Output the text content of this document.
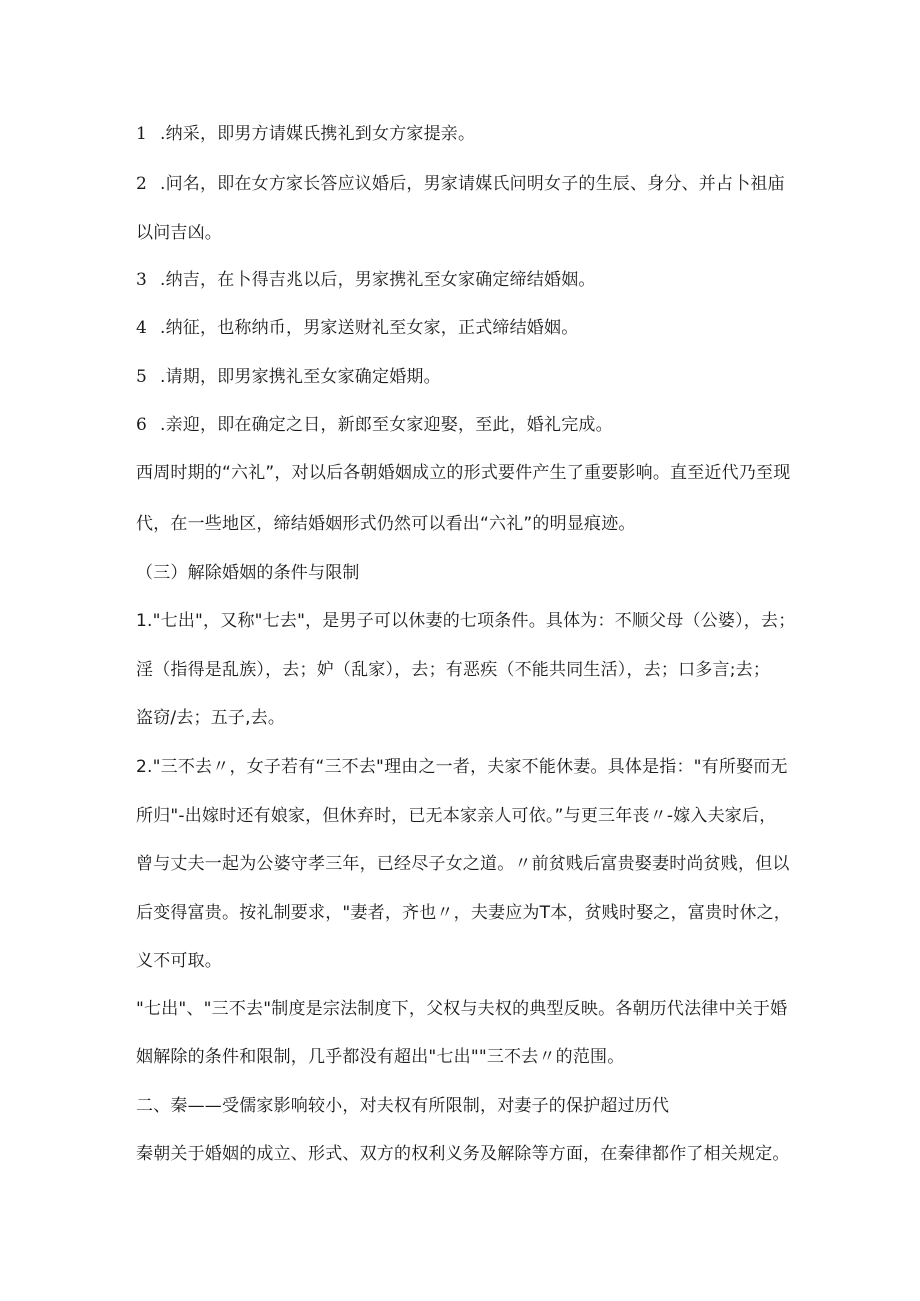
1 .纳采，即男方请媒氏携礼到女方家提亲。
2 .问名，即在女方家长答应议婚后，男家请媒氏问明女子的生辰、身分、并占卜祖庙
以问吉凶。
3 .纳吉，在卜得吉兆以后，男家携礼至女家确定缔结婚姻。
4 .纳征，也称纳币，男家送财礼至女家，正式缔结婚姻。
5 .请期，即男家携礼至女家确定婚期。
6 .亲迎，即在确定之日，新郎至女家迎娶，至此，婚礼完成。
西周时期的“六礼”，对以后各朝婚姻成立的形式要件产生了重要影响。直至近代乃至现
代，在一些地区，缔结婚姻形式仍然可以看出“六礼”的明显痕迹。
（三）解除婚姻的条件与限制
1."七出"，又称"七去"，是男子可以休妻的七项条件。具体为：不顺父母（公婆），去；
淫（指得是乱族），去；妒（乱家），去；有恶疾（不能共同生活），去；口多言;去；
盗窃/去；五子,去。
2."三不去〃，女子若有“三不去"理由之一者，夫家不能休妻。具体是指："有所娶而无
所归"-出嫁时还有娘家，但休弃时，已无本家亲人可依。”与更三年丧〃-嫁入夫家后，
曾与丈夫一起为公婆守孝三年，已经尽子女之道。〃前贫贱后富贵娶妻时尚贫贱，但以
后变得富贵。按礼制要求，"妻者，齐也〃，夫妻应为T本，贫贱时娶之，富贵时休之，
义不可取。
"七出"、"三不去"制度是宗法制度下，父权与夫权的典型反映。各朝历代法律中关于婚
姻解除的条件和限制，几乎都没有超出"七出""三不去〃的范围。
二、秦——受儒家影响较小，对夫权有所限制，对妻子的保护超过历代
秦朝关于婚姻的成立、形式、双方的权利义务及解除等方面，在秦律都作了相关规定。
